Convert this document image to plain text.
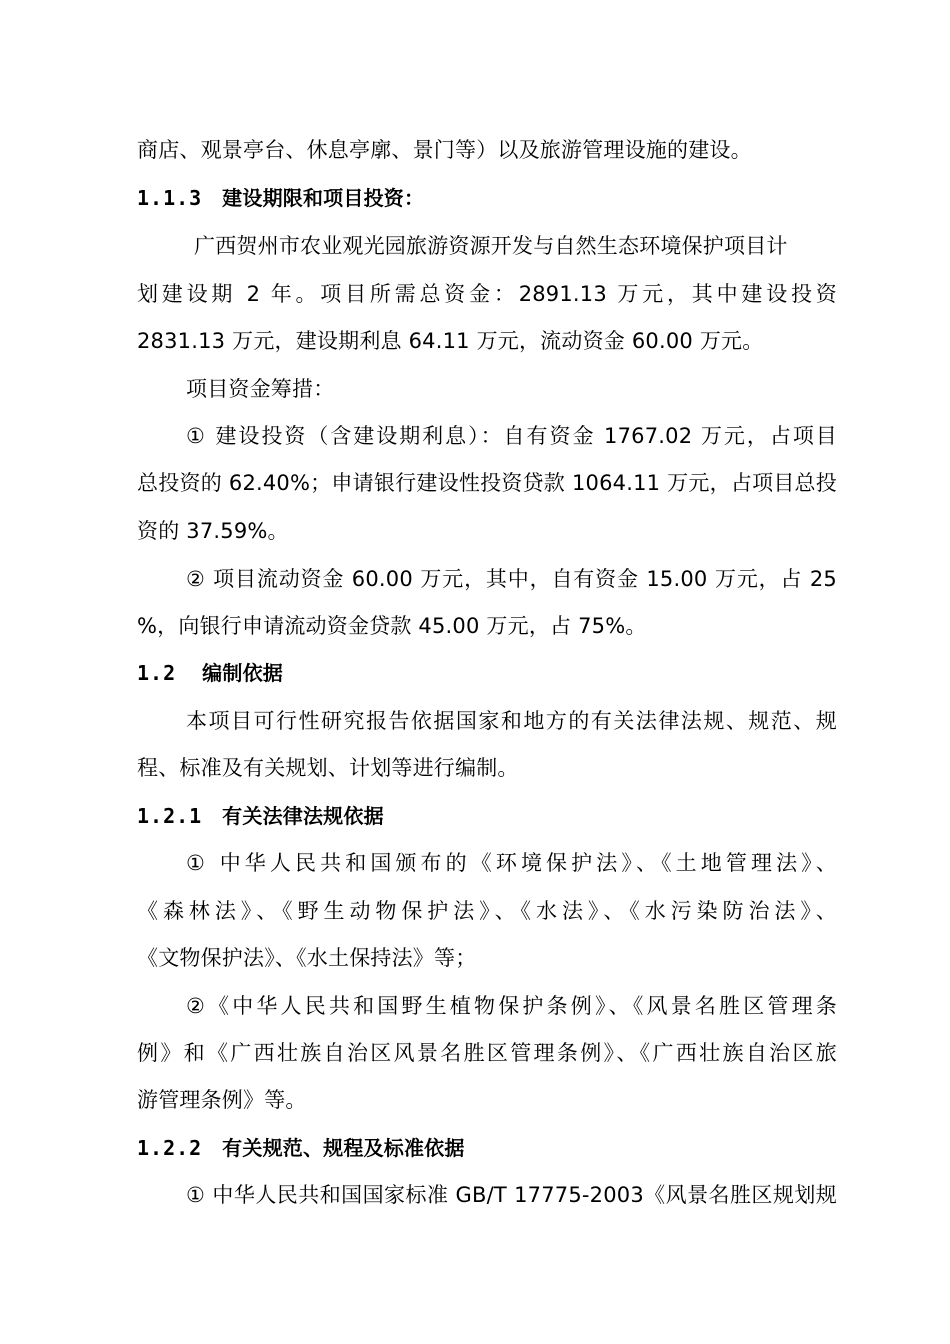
商店、观景亭台、休息亭廓、景门等）以及旅游管理设施的建设。
1.1.3 建设期限和项目投资：
广西贺州市农业观光园旅游资源开发与自然生态环境保护项目计
划建设期 2 年。项目所需总资金：2891.13 万元，其中建设投资
2831.13 万元，建设期利息 64.11 万元，流动资金 60.00 万元。
项目资金筹措：
① 建设投资（含建设期利息）：自有资金 1767.02 万元，占项目
总投资的 62.40%；申请银行建设性投资贷款 1064.11 万元，占项目总投
资的 37.59%。
② 项目流动资金 60.00 万元，其中，自有资金 15.00 万元，占 25
%，向银行申请流动资金贷款 45.00 万元，占 75%。
1.2 编制依据
本项目可行性研究报告依据国家和地方的有关法律法规、规范、规
程、标准及有关规划、计划等进行编制。
1.2.1 有关法律法规依据
① 中华人民共和国颁布的《环境保护法》、《土地管理法》、
《森林法》、《野生动物保护法》、《水法》、《水污染防治法》、
《文物保护法》、《水土保持法》等；
②《中华人民共和国野生植物保护条例》、《风景名胜区管理条
例》和《广西壮族自治区风景名胜区管理条例》、《广西壮族自治区旅
游管理条例》等。
1.2.2 有关规范、规程及标准依据
① 中华人民共和国国家标准 GB/T 17775-2003《风景名胜区规划规
